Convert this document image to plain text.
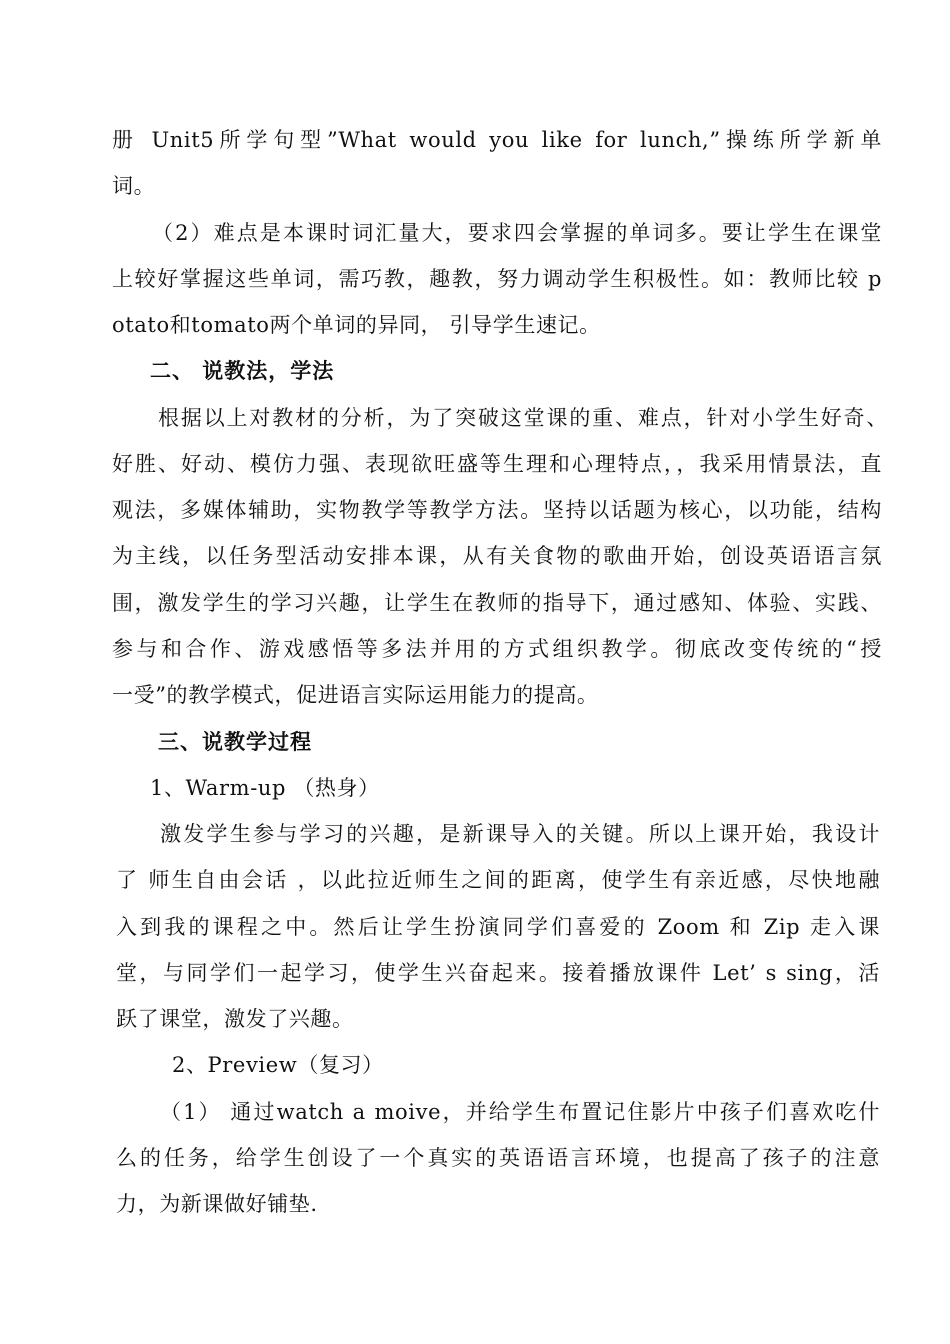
册 Unit5所学句型”What would you like for lunch,”操练所学新单
词。
（2）难点是本课时词汇量大，要求四会掌握的单词多。要让学生在课堂
上较好掌握这些单词，需巧教，趣教，努力调动学生积极性。如：教师比较 p
otato和tomato两个单词的异同， 引导学生速记。
二、 说教法，学法
根据以上对教材的分析，为了突破这堂课的重、难点，针对小学生好奇、
好胜、好动、模仿力强、表现欲旺盛等生理和心理特点，，我采用情景法，直
观法，多媒体辅助，实物教学等教学方法。坚持以话题为核心，以功能，结构
为主线，以任务型活动安排本课，从有关食物的歌曲开始，创设英语语言氛
围，激发学生的学习兴趣，让学生在教师的指导下，通过感知、体验、实践、
参与和合作、游戏感悟等多法并用的方式组织教学。彻底改变传统的“授
一受”的教学模式，促进语言实际运用能力的提高。
三、说教学过程
1、Warm-up （热身）
激发学生参与学习的兴趣，是新课导入的关键。所以上课开始，我设计
了 师生自由会话 ，以此拉近师生之间的距离，使学生有亲近感，尽快地融
入到我的课程之中。然后让学生扮演同学们喜爱的 Zoom 和 Zip 走入课
堂，与同学们一起学习，使学生兴奋起来。接着播放课件 Let’ s sing，活
跃了课堂，激发了兴趣。
2、Preview（复习）
（1） 通过watch a moive，并给学生布置记住影片中孩子们喜欢吃什
么的任务，给学生创设了一个真实的英语语言环境，也提高了孩子的注意
力，为新课做好铺垫.
